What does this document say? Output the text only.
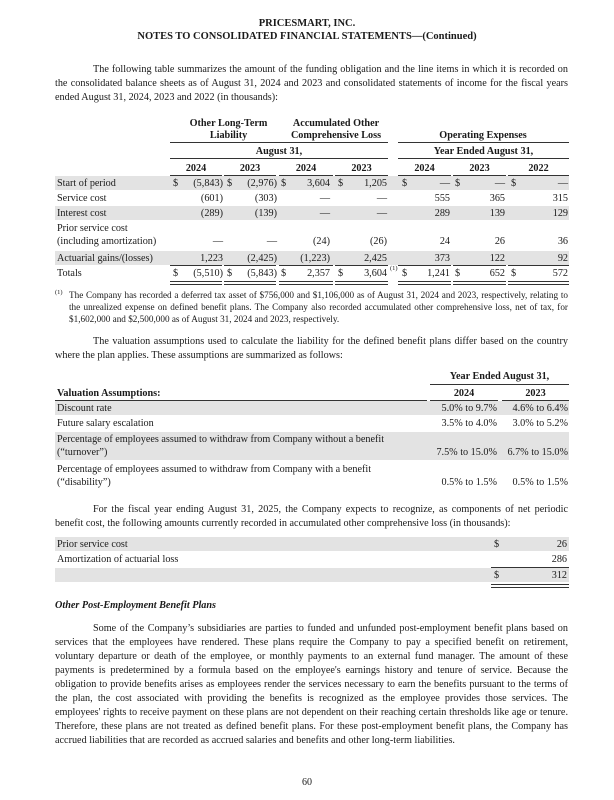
PRICESMART, INC.
NOTES TO CONSOLIDATED FINANCIAL STATEMENTS—(Continued)
The following table summarizes the amount of the funding obligation and the line items in which it is recorded on the consolidated balance sheets as of August 31, 2024 and 2023 and consolidated statements of income for the fiscal years ended August 31, 2024, 2023 and 2022 (in thousands):
Other Long-Term
Liability
Accumulated Other
Comprehensive Loss	Operating Expenses
August 31,	Year Ended August 31,
2024	2023	2024	2023	2024	2023	2022
Start of period	$	(5,843) $	(2,976) $	3,604 $	1,205 $	— $	— $	—
Service cost	(601)	(303)	—	—	555	365	315
Interest cost	(289)	(139)	—	—	289	139	129
Prior service cost
(including amortization)	—	—	(24)	(26)	24	26	36
Actuarial gains/(losses)	1,223	(2,425)	(1,223)	2,425	373	122	92
Totals	$	(5,510) $	(5,843) $	2,357 $	3,604 (1) $	1,241 $	652 $	572
(1) The Company has recorded a deferred tax asset of $756,000 and $1,106,000 as of August 31, 2024 and 2023, respectively, relating to the unrealized expense on defined benefit plans. The Company also recorded accumulated other comprehensive loss, net of tax, for $1,602,000 and $2,500,000 as of August 31, 2024 and 2023, respectively.
The valuation assumptions used to calculate the liability for the defined benefit plans differ based on the country where the plan applies. These assumptions are summarized as follows:
Year Ended August 31,
Valuation Assumptions:	2024	2023
Discount rate	5.0% to 9.7%	4.6% to 6.4%
Future salary escalation	3.5% to 4.0%	3.0% to 5.2%
Percentage of employees assumed to withdraw from Company without a benefit
(“turnover”)	7.5% to 15.0%	6.7% to 15.0%
Percentage of employees assumed to withdraw from Company with a benefit
(“disability”)	0.5% to 1.5%	0.5% to 1.5%
For the fiscal year ending August 31, 2025, the Company expects to recognize, as components of net periodic benefit cost, the following amounts currently recorded in accumulated other comprehensive loss (in thousands):
Prior service cost	$	26
Amortization of actuarial loss	286
$	312
Other Post-Employment Benefit Plans
Some of the Company’s subsidiaries are parties to funded and unfunded post-employment benefit plans based on services that the employees have rendered. These plans require the Company to pay a specified benefit on retirement, voluntary departure or death of the employee, or monthly payments to an external fund manager. The amount of these payments is predetermined by a formula based on the employee's earnings history and tenure of service. Because the obligation to provide benefits arises as employees render the services necessary to earn the benefits pursuant to the terms of the plan, the cost associated with providing the benefits is recognized as the employee provides those services. The employees' rights to receive payment on these plans are not dependent on their reaching certain thresholds like age or tenure. Therefore, these plans are not treated as defined benefit plans. For these post-employment benefit plans, the Company has accrued liabilities that are recorded as accrued salaries and benefits and other long-term liabilities.
60
